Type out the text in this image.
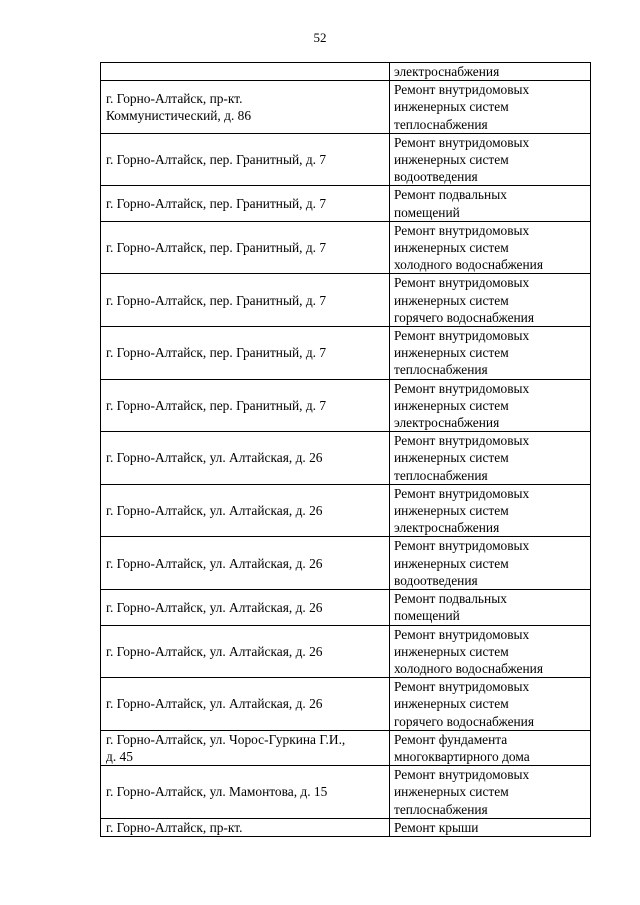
52

	электроснабжения

г. Горно-Алтайск, пр-кт.
Коммунистический, д. 86	Ремонт внутридомовых
инженерных систем
теплоснабжения

г. Горно-Алтайск, пер. Гранитный, д. 7	Ремонт внутридомовых
инженерных систем
водоотведения

г. Горно-Алтайск, пер. Гранитный, д. 7	Ремонт подвальных
помещений

г. Горно-Алтайск, пер. Гранитный, д. 7	Ремонт внутридомовых
инженерных систем
холодного водоснабжения

г. Горно-Алтайск, пер. Гранитный, д. 7	Ремонт внутридомовых
инженерных систем
горячего водоснабжения

г. Горно-Алтайск, пер. Гранитный, д. 7	Ремонт внутридомовых
инженерных систем
теплоснабжения

г. Горно-Алтайск, пер. Гранитный, д. 7	Ремонт внутридомовых
инженерных систем
электроснабжения

г. Горно-Алтайск, ул. Алтайская, д. 26	Ремонт внутридомовых
инженерных систем
теплоснабжения

г. Горно-Алтайск, ул. Алтайская, д. 26	Ремонт внутридомовых
инженерных систем
электроснабжения

г. Горно-Алтайск, ул. Алтайская, д. 26	Ремонт внутридомовых
инженерных систем
водоотведения

г. Горно-Алтайск, ул. Алтайская, д. 26	Ремонт подвальных
помещений

г. Горно-Алтайск, ул. Алтайская, д. 26	Ремонт внутридомовых
инженерных систем
холодного водоснабжения

г. Горно-Алтайск, ул. Алтайская, д. 26	Ремонт внутридомовых
инженерных систем
горячего водоснабжения

г. Горно-Алтайск, ул. Чорос-Гуркина Г.И.,
д. 45	Ремонт фундамента
многоквартирного дома

г. Горно-Алтайск, ул. Мамонтова, д. 15	Ремонт внутридомовых
инженерных систем
теплоснабжения

г. Горно-Алтайск, пр-кт.	Ремонт крыши
